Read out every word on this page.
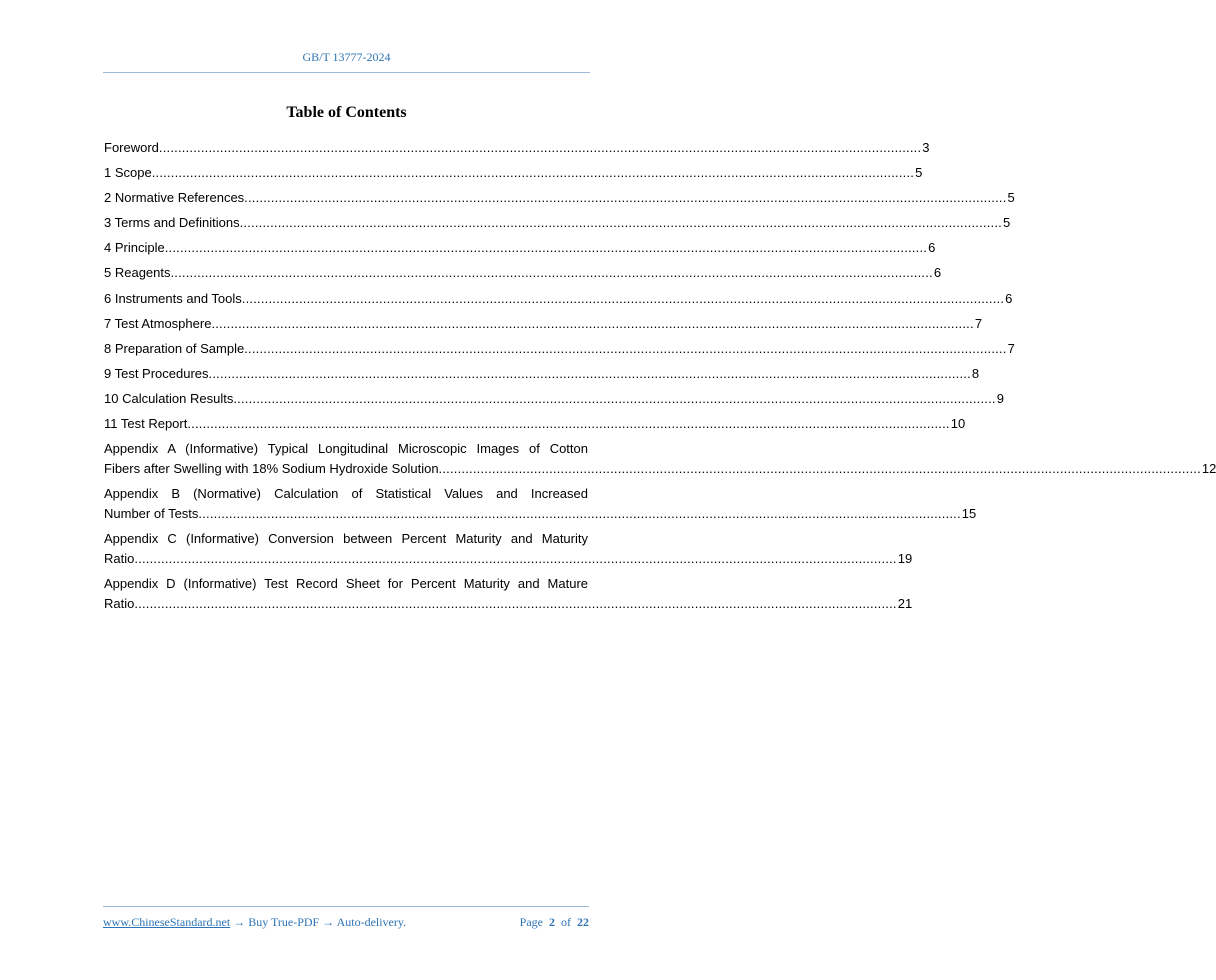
GB/T 13777-2024
Table of Contents
Foreword ........................................................................................................................................................................................................ 3
1 Scope ........................................................................................................................................................................................................ 5
2 Normative References ........................................................................................................................................................................................................ 5
3 Terms and Definitions ........................................................................................................................................................................................................ 5
4 Principle ........................................................................................................................................................................................................ 6
5 Reagents ........................................................................................................................................................................................................ 6
6 Instruments and Tools ........................................................................................................................................................................................................ 6
7 Test Atmosphere ........................................................................................................................................................................................................ 7
8 Preparation of Sample ........................................................................................................................................................................................................ 7
9 Test Procedures ........................................................................................................................................................................................................ 8
10 Calculation Results ........................................................................................................................................................................................................ 9
11 Test Report ........................................................................................................................................................................................................ 10
Appendix A (Informative) Typical Longitudinal Microscopic Images of Cotton
Fibers after Swelling with 18% Sodium Hydroxide Solution ........................................................................................................................................................................................................ 12
Appendix B (Normative) Calculation of Statistical Values and Increased
Number of Tests ........................................................................................................................................................................................................ 15
Appendix C (Informative) Conversion between Percent Maturity and Maturity
Ratio ........................................................................................................................................................................................................ 19
Appendix D (Informative) Test Record Sheet for Percent Maturity and Mature
Ratio ........................................................................................................................................................................................................ 21
www.ChineseStandard.net → Buy True-PDF → Auto-delivery.	Page 2 of 22
